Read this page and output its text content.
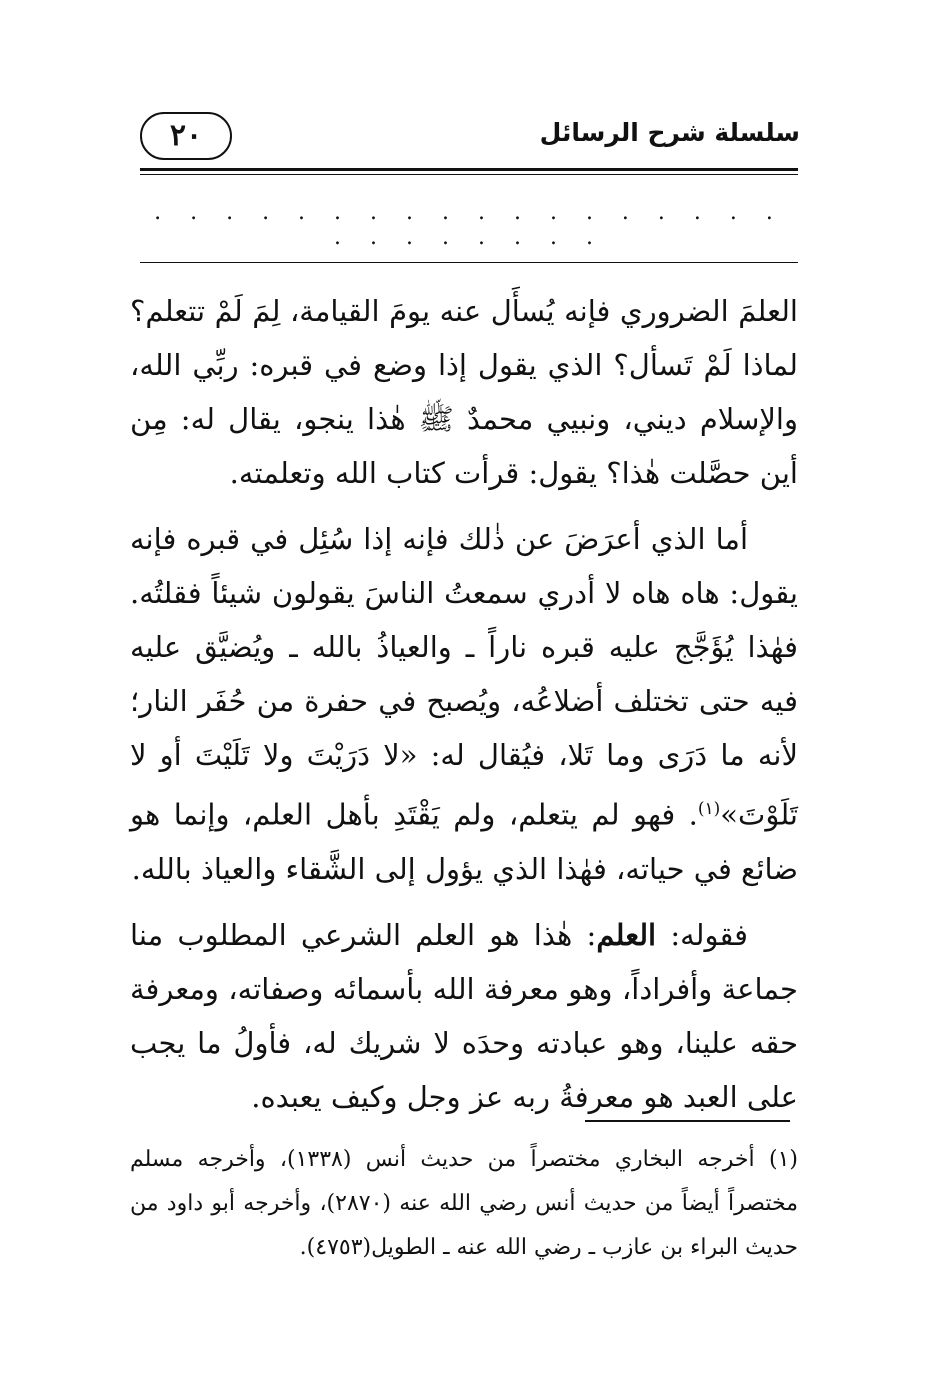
٢٠	سلسلة شرح الرسائل
. . . . . . . . . . . . . . . . . . . . . . . . . .

العلمَ الضروري فإنه يُسأَل عنه يومَ القيامة، لِمَ لَمْ تتعلم؟ لماذا لَمْ تَسأل؟ الذي يقول إذا وضع في قبره: ربِّي الله، والإسلام ديني، ونبيي محمدٌ ﷺ هٰذا ينجو، يقال له: مِن أين حصَّلت هٰذا؟ يقول: قرأت كتاب الله وتعلمته.

أما الذي أعرَضَ عن ذٰلك فإنه إذا سُئِل في قبره فإنه يقول: هاه هاه لا أدري سمعتُ الناسَ يقولون شيئاً فقلتُه. فهٰذا يُؤَجَّج عليه قبره ناراً ـ والعياذُ بالله ـ ويُضيَّق عليه فيه حتى تختلف أضلاعُه، ويُصبح في حفرة من حُفَر النار؛ لأنه ما دَرَى وما تَلا، فيُقال له: «لا دَرَيْتَ ولا تَلَيْتَ أو لا تَلَوْتَ»$^{(١)}$. فهو لم يتعلم، ولم يَقْتَدِ بأهل العلم، وإنما هو ضائع في حياته، فهٰذا الذي يؤول إلى الشَّقاء والعياذ بالله.

فقوله: العلم: هٰذا هو العلم الشرعي المطلوب منا جماعة وأفراداً، وهو معرفة الله بأسمائه وصفاته، ومعرفة حقه علينا، وهو عبادته وحدَه لا شريك له، فأولُ ما يجب على العبد هو معرفةُ ربه عز وجل وكيف يعبده.

(١) أخرجه البخاري مختصراً من حديث أنس (١٣٣٨)، وأخرجه مسلم مختصراً أيضاً من حديث أنس رضي الله عنه (٢٨٧٠)، وأخرجه أبو داود من حديث البراء بن عازب ـ رضي الله عنه ـ الطويل(٤٧٥٣).
